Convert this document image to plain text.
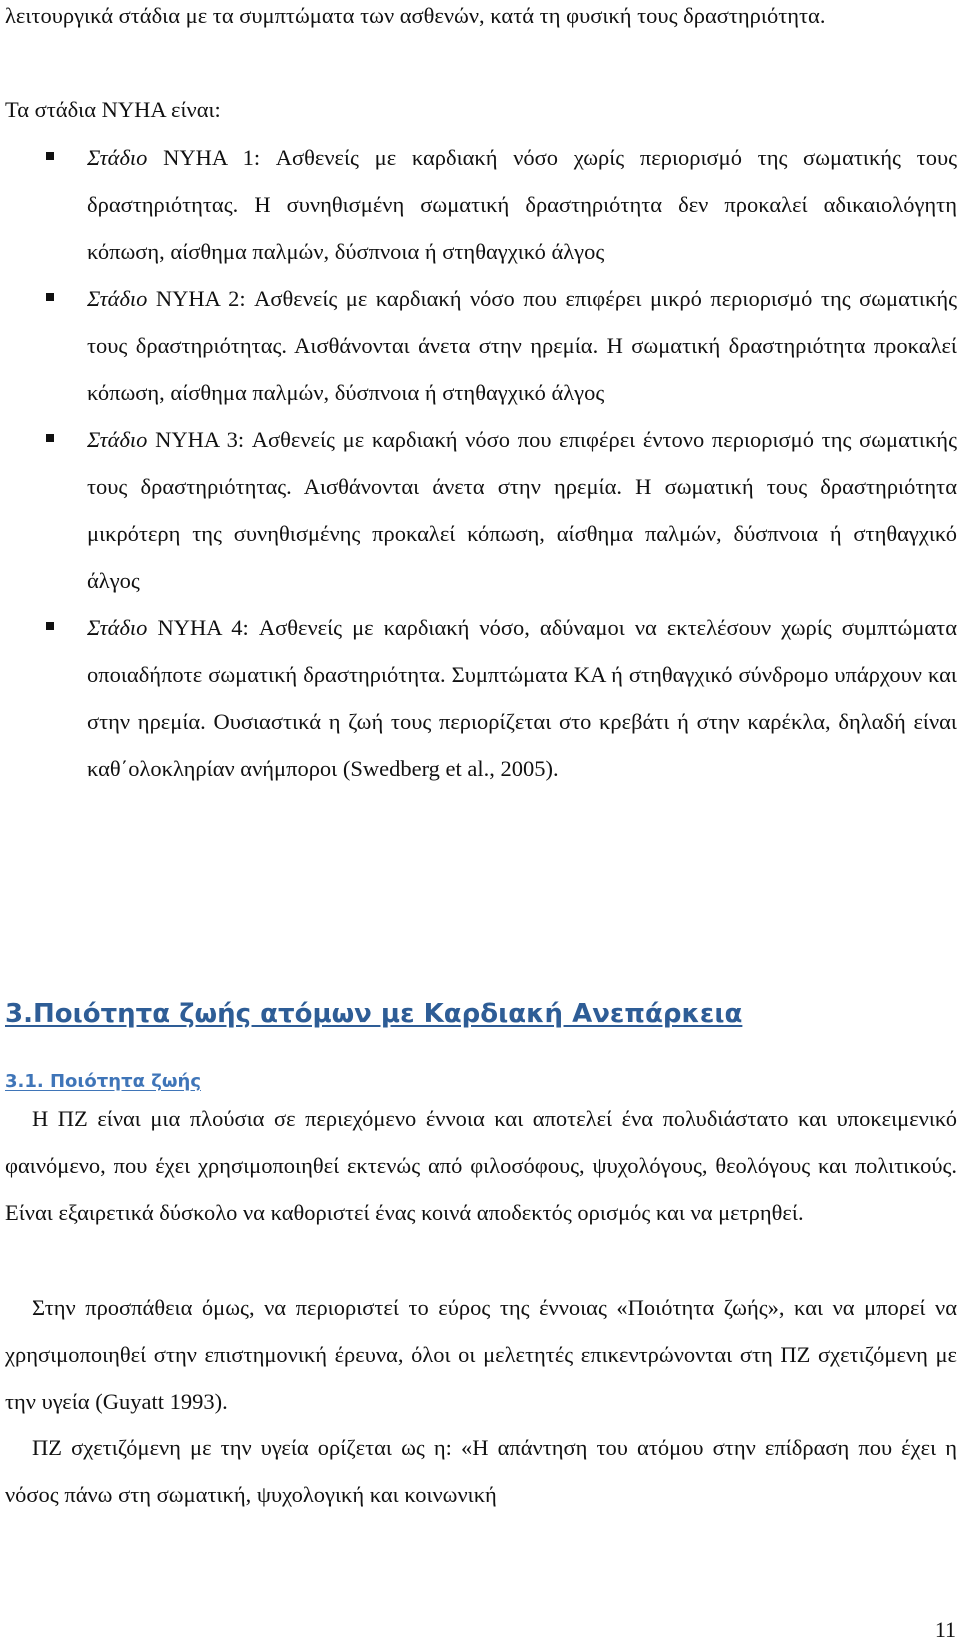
λειτουργικά στάδια με τα συμπτώματα των ασθενών, κατά τη φυσική τους δραστηριότητα.

Τα στάδια NYHA είναι:

Στάδιο NYHA 1: Ασθενείς με καρδιακή νόσο χωρίς περιορισμό της σωματικής τους δραστηριότητας. Η συνηθισμένη σωματική δραστηριότητα δεν προκαλεί αδικαιολόγητη κόπωση, αίσθημα παλμών, δύσπνοια ή στηθαγχικό άλγος
Στάδιο NYHA 2: Ασθενείς με καρδιακή νόσο που επιφέρει μικρό περιορισμό της σωματικής τους δραστηριότητας. Αισθάνονται άνετα στην ηρεμία. Η σωματική δραστηριότητα προκαλεί κόπωση, αίσθημα παλμών, δύσπνοια ή στηθαγχικό άλγος
Στάδιο NYHA 3: Ασθενείς με καρδιακή νόσο που επιφέρει έντονο περιορισμό της σωματικής τους δραστηριότητας. Αισθάνονται άνετα στην ηρεμία. Η σωματική τους δραστηριότητα μικρότερη της συνηθισμένης προκαλεί κόπωση, αίσθημα παλμών, δύσπνοια ή στηθαγχικό άλγος
Στάδιο NYHA 4: Ασθενείς με καρδιακή νόσο, αδύναμοι να εκτελέσουν χωρίς συμπτώματα οποιαδήποτε σωματική δραστηριότητα. Συμπτώματα ΚΑ ή στηθαγχικό σύνδρομο υπάρχουν και στην ηρεμία. Ουσιαστικά η ζωή τους περιορίζεται στο κρεβάτι ή στην καρέκλα, δηλαδή είναι καθ΄ολοκληρίαν ανήμποροι (Swedberg et al., 2005).
3.Ποιότητα ζωής ατόμων με Καρδιακή Ανεπάρκεια
3.1. Ποιότητα ζωής

Η ΠΖ είναι μια πλούσια σε περιεχόμενο έννοια και αποτελεί ένα πολυδιάστατο και υποκειμενικό φαινόμενο, που έχει χρησιμοποιηθεί εκτενώς από φιλοσόφους, ψυχολόγους, θεολόγους και πολιτικούς. Είναι εξαιρετικά δύσκολο να καθοριστεί ένας κοινά αποδεκτός ορισμός και να μετρηθεί.

Στην προσπάθεια όμως, να περιοριστεί το εύρος της έννοιας «Ποιότητα ζωής», και να μπορεί να χρησιμοποιηθεί στην επιστημονική έρευνα, όλοι οι μελετητές επικεντρώνονται στη ΠΖ σχετιζόμενη με την υγεία (Guyatt 1993).

ΠΖ σχετιζόμενη με την υγεία ορίζεται ως η: «Η απάντηση του ατόμου στην επίδραση που έχει η νόσος πάνω στη σωματική, ψυχολογική και κοινωνική

11
